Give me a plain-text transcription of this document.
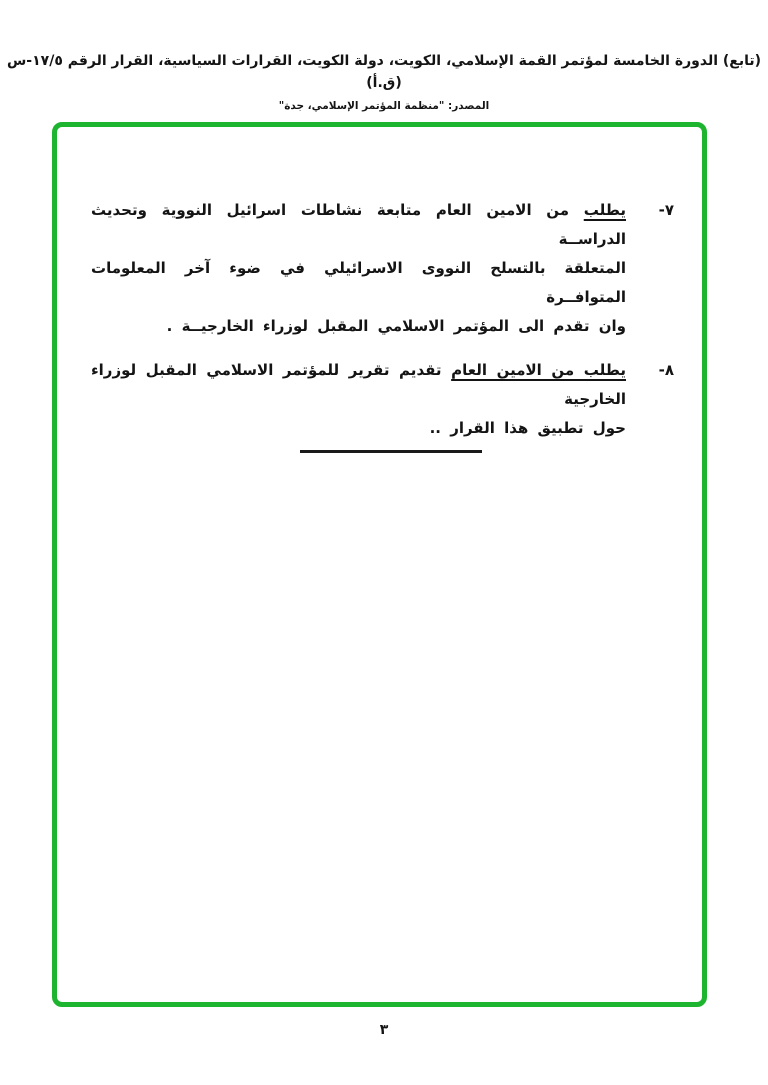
(تابع) الدورة الخامسة لمؤتمر القمة الإسلامي، الكويت، دولة الكويت، القرارات السياسية، القرار الرقم ١٧/٥-س (ق.أ)
المصدر: "منظمة المؤتمر الإسلامي، جدة"
٧-
يطلب من الامين العام متابعة نشاطات اسرائيل النووية وتحديث الدراســة
المتعلقة بالتسلح النووى الاسرائيلي في ضوء آخر المعلومات المتوافــرة
وان تقدم الى المؤتمر الاسلامي المقبل لوزراء الخارجيــة .
٨-
يطلب من الامين العام تقديم تقرير للمؤتمر الاسلامي المقبل لوزراء الخارجية
حول تطبيق هذا القرار ..
٣
